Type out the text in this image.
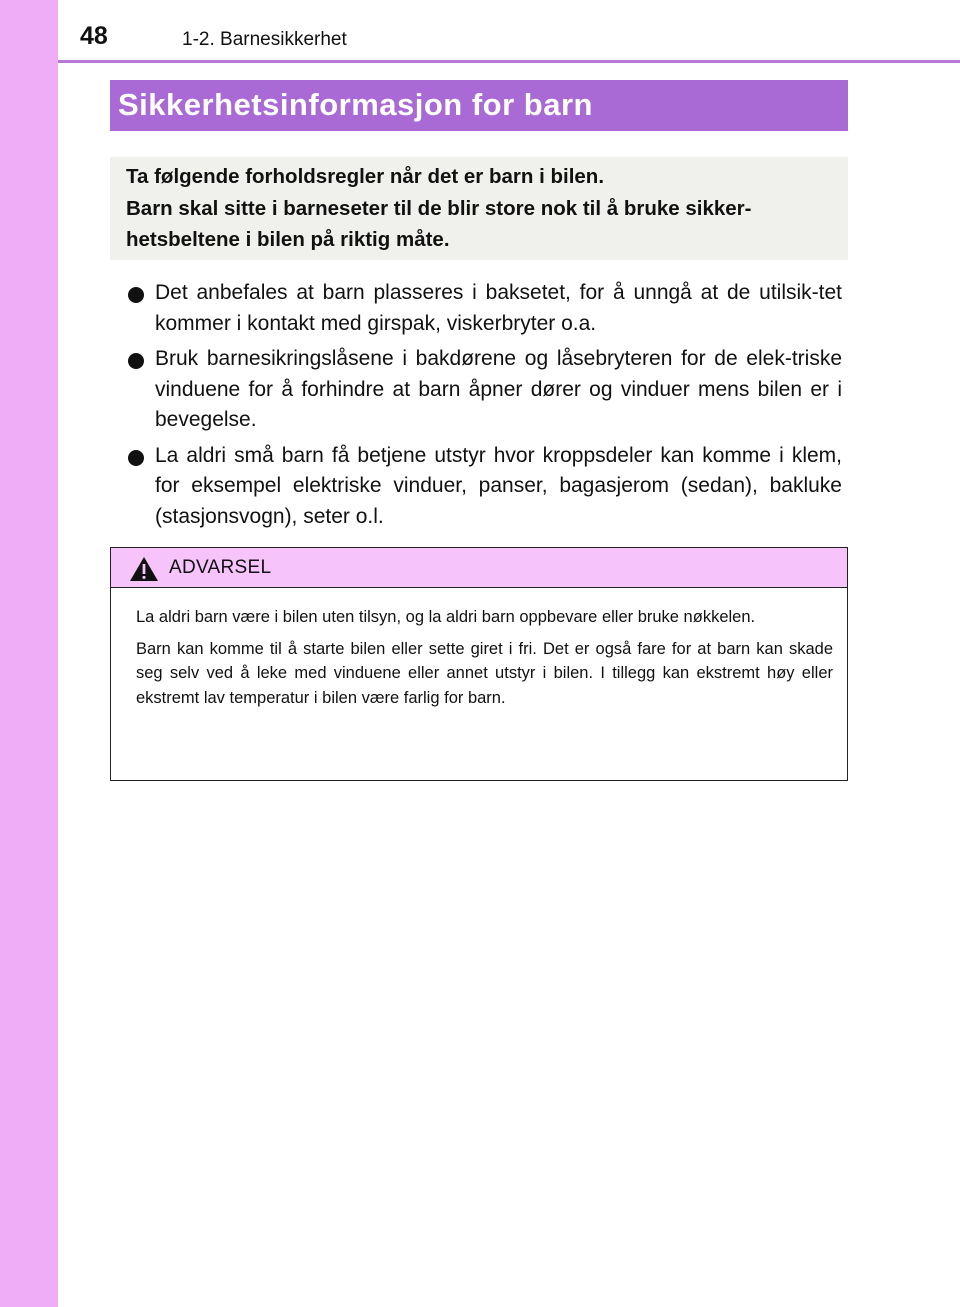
48	1-2. Barnesikkerhet
Sikkerhetsinformasjon for barn
Ta følgende forholdsregler når det er barn i bilen.
Barn skal sitte i barneseter til de blir store nok til å bruke sikker-
hetsbeltene i bilen på riktig måte.
Det anbefales at barn plasseres i baksetet, for å unngå at de utilsik-tet kommer i kontakt med girspak, viskerbryter o.a.
Bruk barnesikringslåsene i bakdørene og låsebryteren for de elek-triske vinduene for å forhindre at barn åpner dører og vinduer mens bilen er i bevegelse.
La aldri små barn få betjene utstyr hvor kroppsdeler kan komme i klem, for eksempel elektriske vinduer, panser, bagasjerom (sedan), bakluke (stasjonsvogn), seter o.l.
ADVARSEL
La aldri barn være i bilen uten tilsyn, og la aldri barn oppbevare eller bruke nøkkelen.
Barn kan komme til å starte bilen eller sette giret i fri. Det er også fare for at barn kan skade seg selv ved å leke med vinduene eller annet utstyr i bilen. I tillegg kan ekstremt høy eller ekstremt lav temperatur i bilen være farlig for barn.
